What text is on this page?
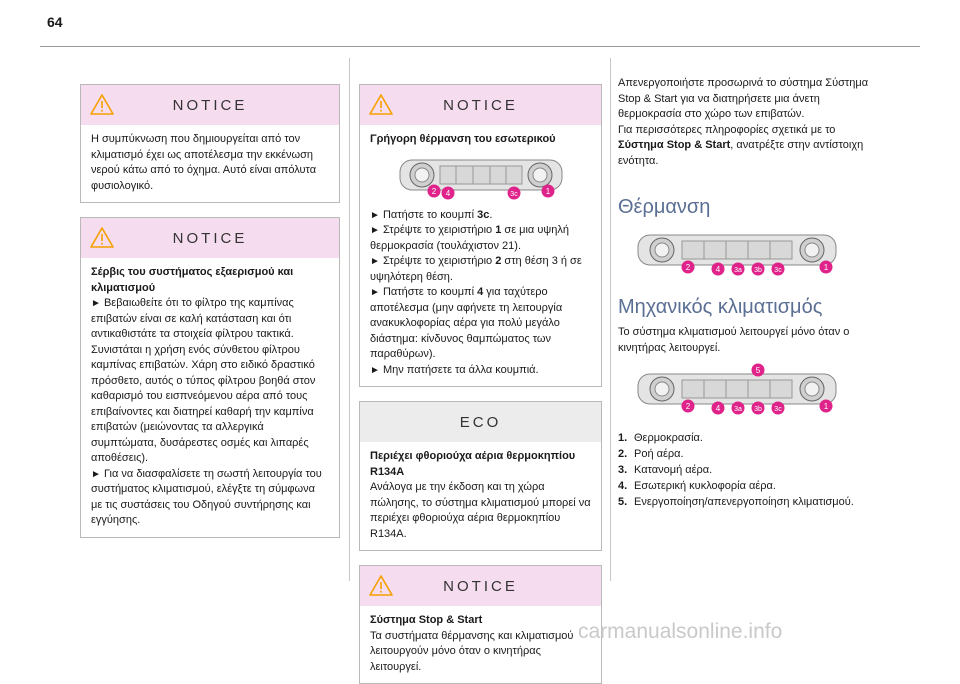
64
NOTICE

Η συμπύκνωση που δημιουργείται από τον κλιματισμό έχει ως αποτέλεσμα την εκκένωση νερού κάτω από το όχημα. Αυτό είναι απόλυτα φυσιολογικό.

NOTICE

Σέρβις του συστήματος εξαερισμού και κλιματισμού

► Βεβαιωθείτε ότι το φίλτρο της καμπίνας επιβατών είναι σε καλή κατάσταση και ότι αντικαθιστάτε τα στοιχεία φίλτρου τακτικά. Συνιστάται η χρήση ενός σύνθετου φίλτρου καμπίνας επιβατών. Χάρη στο ειδικό δραστικό πρόσθετο, αυτός ο τύπος φίλτρου βοηθά στον καθαρισμό του εισπνεόμενου αέρα από τους επιβαίνοντες και διατηρεί καθαρή την καμπίνα επιβατών (μειώνοντας τα αλλεργικά συμπτώματα, δυσάρεστες οσμές και λιπαρές αποθέσεις).

► Για να διασφαλίσετε τη σωστή λειτουργία του συστήματος κλιματισμού, ελέγξτε τη σύμφωνα με τις συστάσεις του Οδηγού συντήρησης και εγγύησης.

NOTICE

Γρήγορη θέρμανση του εσωτερικού

2 4	3c	1

► Πατήστε το κουμπί 3c.

► Στρέψτε το χειριστήριο 1 σε μια υψηλή θερμοκρασία (τουλάχιστον 21).

► Στρέψτε το χειριστήριο 2 στη θέση 3 ή σε υψηλότερη θέση.

► Πατήστε το κουμπί 4 για ταχύτερο αποτέλεσμα (μην αφήνετε τη λειτουργία ανακυκλοφορίας αέρα για πολύ μεγάλο διάστημα: κίνδυνος θαμπώματος των παραθύρων).

► Μην πατήσετε τα άλλα κουμπιά.

ECO

Περιέχει φθοριούχα αέρια θερμοκηπίου R134A

Ανάλογα με την έκδοση και τη χώρα πώλησης, το σύστημα κλιματισμού μπορεί να περιέχει φθοριούχα αέρια θερμοκηπίου R134A.

NOTICE

Σύστημα Stop & Start

Τα συστήματα θέρμανσης και κλιματισμού λειτουργούν μόνο όταν ο κινητήρας λειτουργεί.

Απενεργοποιήστε προσωρινά το σύστημα Σύστημα Stop & Start για να διατηρήσετε μια άνετη θερμοκρασία στο χώρο των επιβατών.

Για περισσότερες πληροφορίες σχετικά με το Σύστημα Stop & Start, ανατρέξτε στην αντίστοιχη ενότητα.

Θέρμανση
2	4 3a 3b 3c	1
Μηχανικός κλιματισμός

Το σύστημα κλιματισμού λειτουργεί μόνο όταν ο κινητήρας λειτουργεί.

5
2	4 3a 3b 3c	1
1. Θερμοκρασία.
2. Ροή αέρα.
3. Κατανομή αέρα.
4. Εσωτερική κυκλοφορία αέρα.
5. Ενεργοποίηση/απενεργοποίηση κλιματισμού.
carmanualsonline.info
